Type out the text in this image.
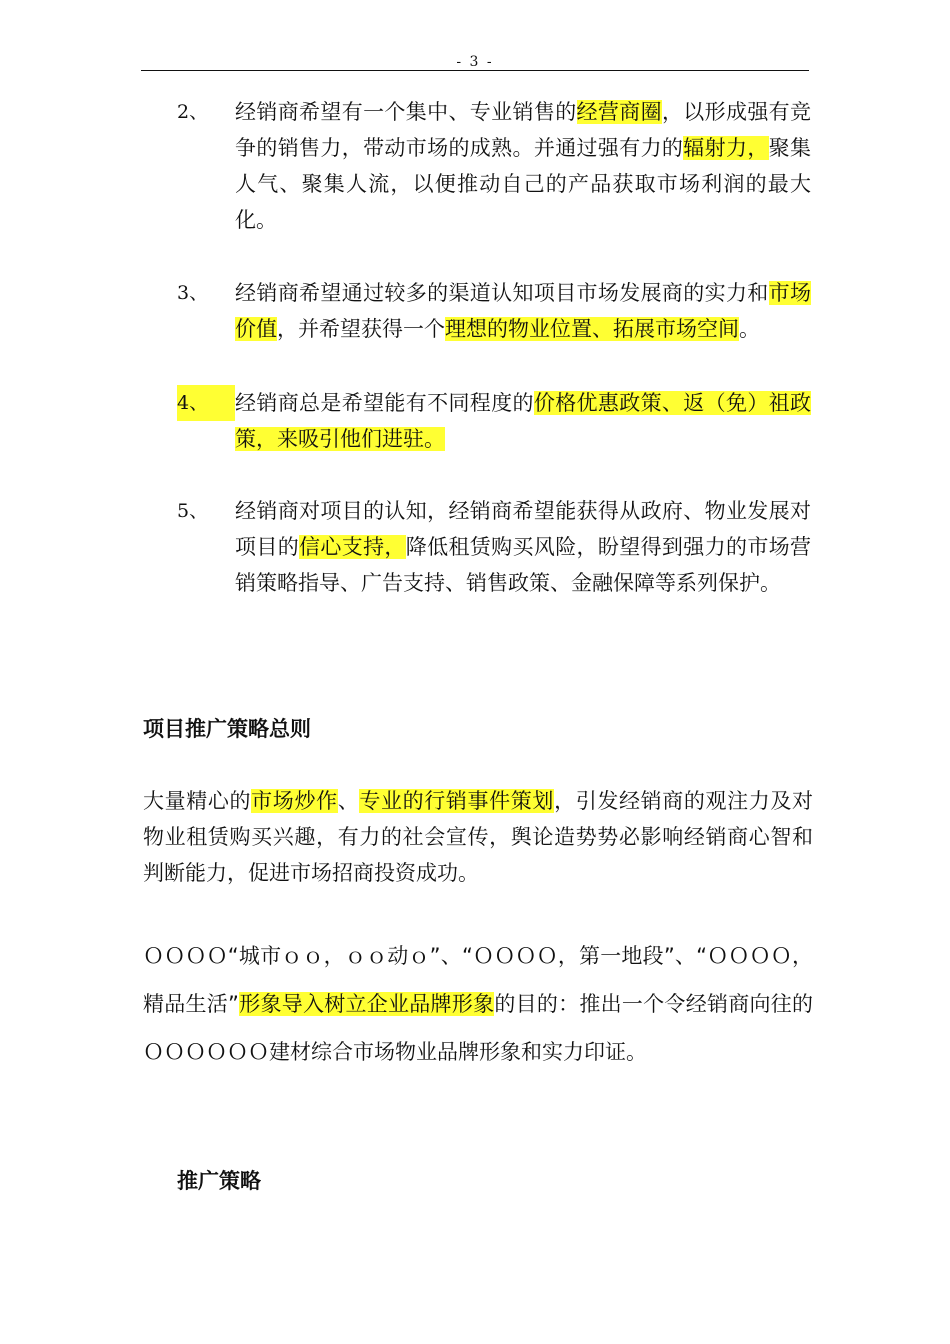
- 3 -
2、	经销商希望有一个集中、专业销售的经营商圈，以形成强有竞争的销售力，带动市场的成熟。并通过强有力的辐射力，聚集人气、聚集人流，以便推动自己的产品获取市场利润的最大化。
3、	经销商希望通过较多的渠道认知项目市场发展商的实力和市场价值，并希望获得一个理想的物业位置、拓展市场空间。
4、	经销商总是希望能有不同程度的价格优惠政策、返（免）祖政策，来吸引他们进驻。
5、	经销商对项目的认知，经销商希望能获得从政府、物业发展对项目的信心支持，降低租赁购买风险，盼望得到强力的市场营销策略指导、广告支持、销售政策、金融保障等系列保护。
项目推广策略总则
大量精心的市场炒作、专业的行销事件策划，引发经销商的观注力及对物业租赁购买兴趣，有力的社会宣传，舆论造势势必影响经销商心智和判断能力，促进市场招商投资成功。
ＯＯＯＯ“城市ｏｏ，ｏｏ动ｏ”、“ＯＯＯＯ，第一地段”、“ＯＯＯＯ，精品生活”形象导入树立企业品牌形象的目的：推出一个令经销商向往的ＯＯＯＯＯＯ建材综合市场物业品牌形象和实力印证。
推广策略
